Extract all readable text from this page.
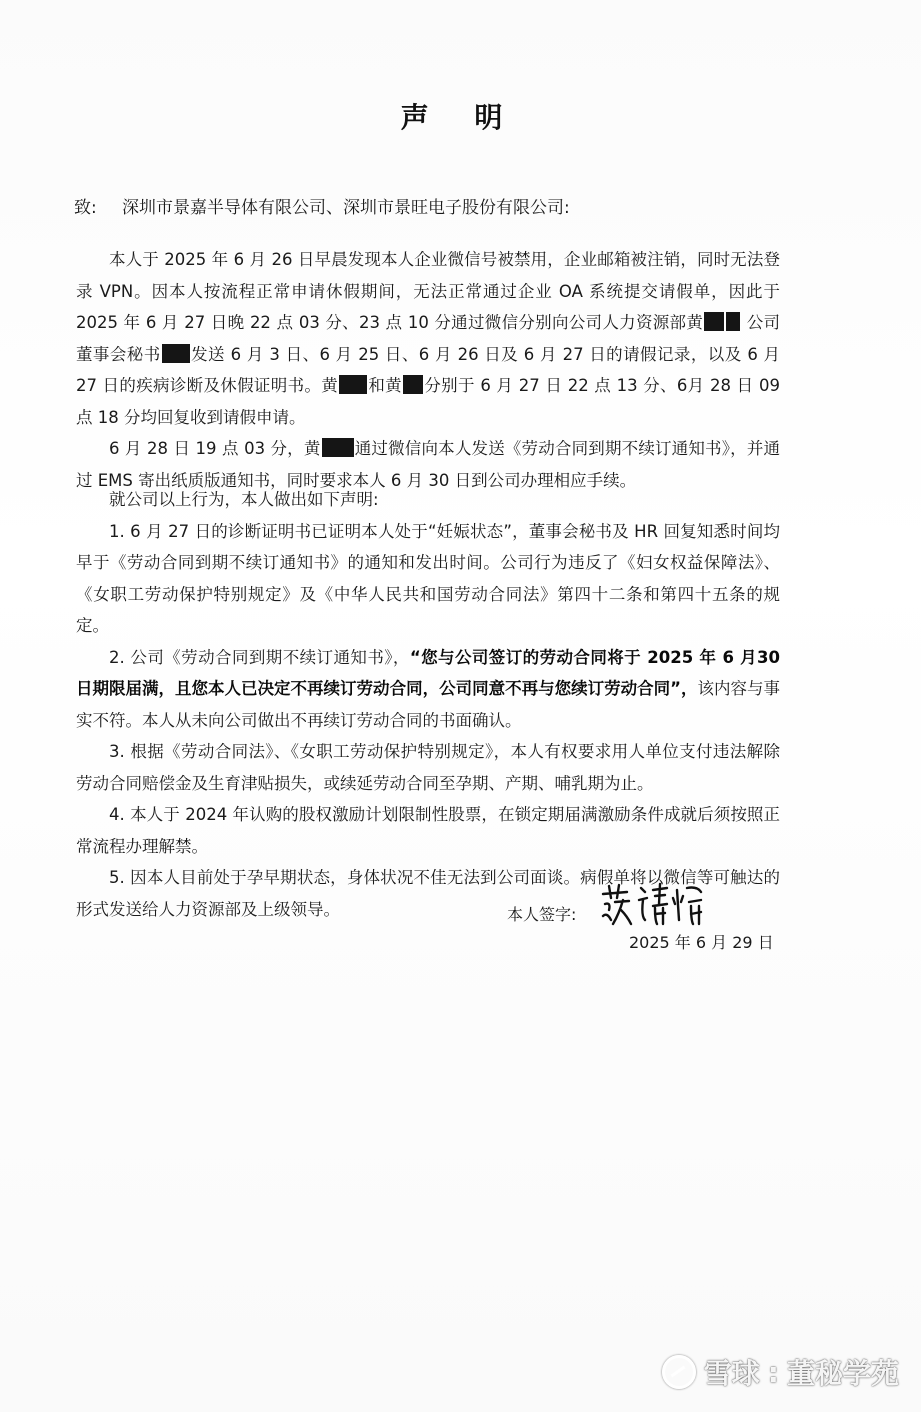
声 明
致: 深圳市景嘉半导体有限公司、深圳市景旺电子股份有限公司:

本人于 2025 年 6 月 26 日早晨发现本人企业微信号被禁用，企业邮箱被注销，同时无法登录 VPN。因本人按流程正常申请休假期间，无法正常通过企业 OA 系统提交请假单，因此于 2025 年 6 月 27 日晚 22 点 03 分、23 点 10 分通过微信分别向公司人力资源部黄	公司董事会秘书 发送 6 月 3 日、6 月 25 日、6 月 26 日及 6 月 27 日的请假记录，以及 6 月 27 日的疾病诊断及休假证明书。黄 和黄 分别于 6 月 27 日 22 点 13 分、6月 28 日 09 点 18 分均回复收到请假申请。

6 月 28 日 19 点 03 分，黄 通过微信向本人发送《劳动合同到期不续订通知书》，并通过 EMS 寄出纸质版通知书，同时要求本人 6 月 30 日到公司办理相应手续。

就公司以上行为，本人做出如下声明:

1. 6 月 27 日的诊断证明书已证明本人处于“妊娠状态”，董事会秘书及 HR 回复知悉时间均早于《劳动合同到期不续订通知书》的通知和发出时间。公司行为违反了《妇女权益保障法》、《女职工劳动保护特别规定》及《中华人民共和国劳动合同法》第四十二条和第四十五条的规定。

2. 公司《劳动合同到期不续订通知书》，“您与公司签订的劳动合同将于 2025 年 6 月30 日期限届满，且您本人已决定不再续订劳动合同，公司同意不再与您续订劳动合同”，该内容与事实不符。本人从未向公司做出不再续订劳动合同的书面确认。

3. 根据《劳动合同法》、《女职工劳动保护特别规定》，本人有权要求用人单位支付违法解除劳动合同赔偿金及生育津贴损失，或续延劳动合同至孕期、产期、哺乳期为止。

4. 本人于 2024 年认购的股权激励计划限制性股票，在锁定期届满激励条件成就后须按照正常流程办理解禁。

5. 因本人目前处于孕早期状态，身体状况不佳无法到公司面谈。病假单将以微信等可触达的形式发送给人力资源部及上级领导。	本人签字:
2025 年 6 月 29 日
雪球 : 董秘学苑
